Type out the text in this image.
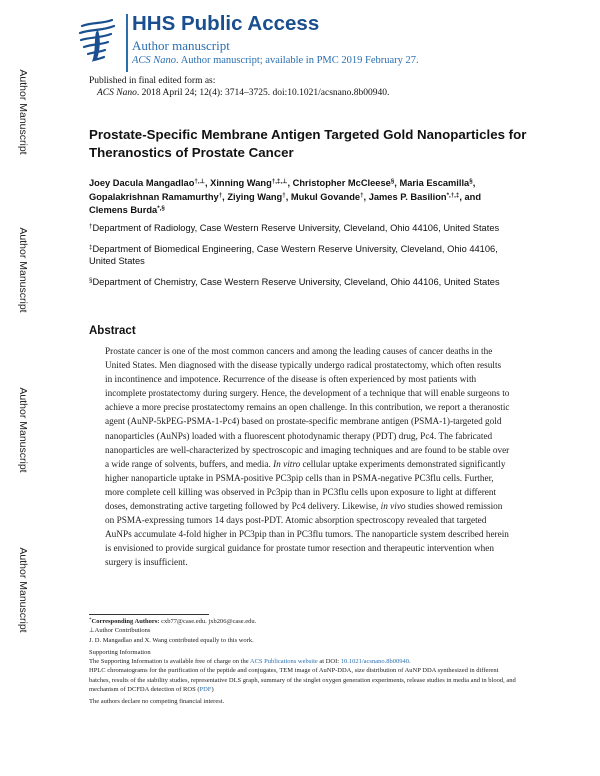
Author Manuscript
Author Manuscript
Author Manuscript
Author Manuscript
HHS Public Access
Author manuscript
ACS Nano. Author manuscript; available in PMC 2019 February 27.
Published in final edited form as:
ACS Nano. 2018 April 24; 12(4): 3714–3725. doi:10.1021/acsnano.8b00940.
Prostate-Specific Membrane Antigen Targeted Gold Nanoparticles for Theranostics of Prostate Cancer
Joey Dacula Mangadlao†,⊥, Xinning Wang†,‡,⊥, Christopher McCleese§, Maria Escamilla§, Gopalakrishnan Ramamurthy†, Ziying Wang†, Mukul Govande†, James P. Basilion*,†,‡, and Clemens Burda*,§
†Department of Radiology, Case Western Reserve University, Cleveland, Ohio 44106, United States
‡Department of Biomedical Engineering, Case Western Reserve University, Cleveland, Ohio 44106, United States
§Department of Chemistry, Case Western Reserve University, Cleveland, Ohio 44106, United States
Abstract
Prostate cancer is one of the most common cancers and among the leading causes of cancer deaths in the United States. Men diagnosed with the disease typically undergo radical prostatectomy, which often results in incontinence and impotence. Recurrence of the disease is often experienced by most patients with incomplete prostatectomy during surgery. Hence, the development of a technique that will enable surgeons to achieve a more precise prostatectomy remains an open challenge. In this contribution, we report a theranostic agent (AuNP-5kPEG-PSMA-1-Pc4) based on prostate-specific membrane antigen (PSMA-1)-targeted gold nanoparticles (AuNPs) loaded with a fluorescent photodynamic therapy (PDT) drug, Pc4. The fabricated nanoparticles are well-characterized by spectroscopic and imaging techniques and are found to be stable over a wide range of solvents, buffers, and media. In vitro cellular uptake experiments demonstrated significantly higher nanoparticle uptake in PSMA-positive PC3pip cells than in PSMA-negative PC3flu cells. Further, more complete cell killing was observed in Pc3pip than in PC3flu cells upon exposure to light at different doses, demonstrating active targeting followed by Pc4 delivery. Likewise, in vivo studies showed remission on PSMA-expressing tumors 14 days post-PDT. Atomic absorption spectroscopy revealed that targeted AuNPs accumulate 4-fold higher in PC3pip than in PC3flu tumors. The nanoparticle system described herein is envisioned to provide surgical guidance for prostate tumor resection and therapeutic intervention when surgery is insufficient.

*Corresponding Authors: cxb77@case.edu. jxb206@case.edu.

⊥Author Contributions

J. D. Mangadlao and X. Wang contributed equally to this work.

Supporting Information

The Supporting Information is available free of charge on the ACS Publications website at DOI: 10.1021/acsnano.8b00940.

HPLC chromatograms for the purification of the peptide and conjugates, TEM image of AuNP-DDA, size distribution of AuNP DDA synthesized in different batches, results of the stability studies, representative DLS graph, summary of the singlet oxygen generation experiments, release studies in media and in blood, and mechanism of DCFDA detection of ROS (PDF)

The authors declare no competing financial interest.
